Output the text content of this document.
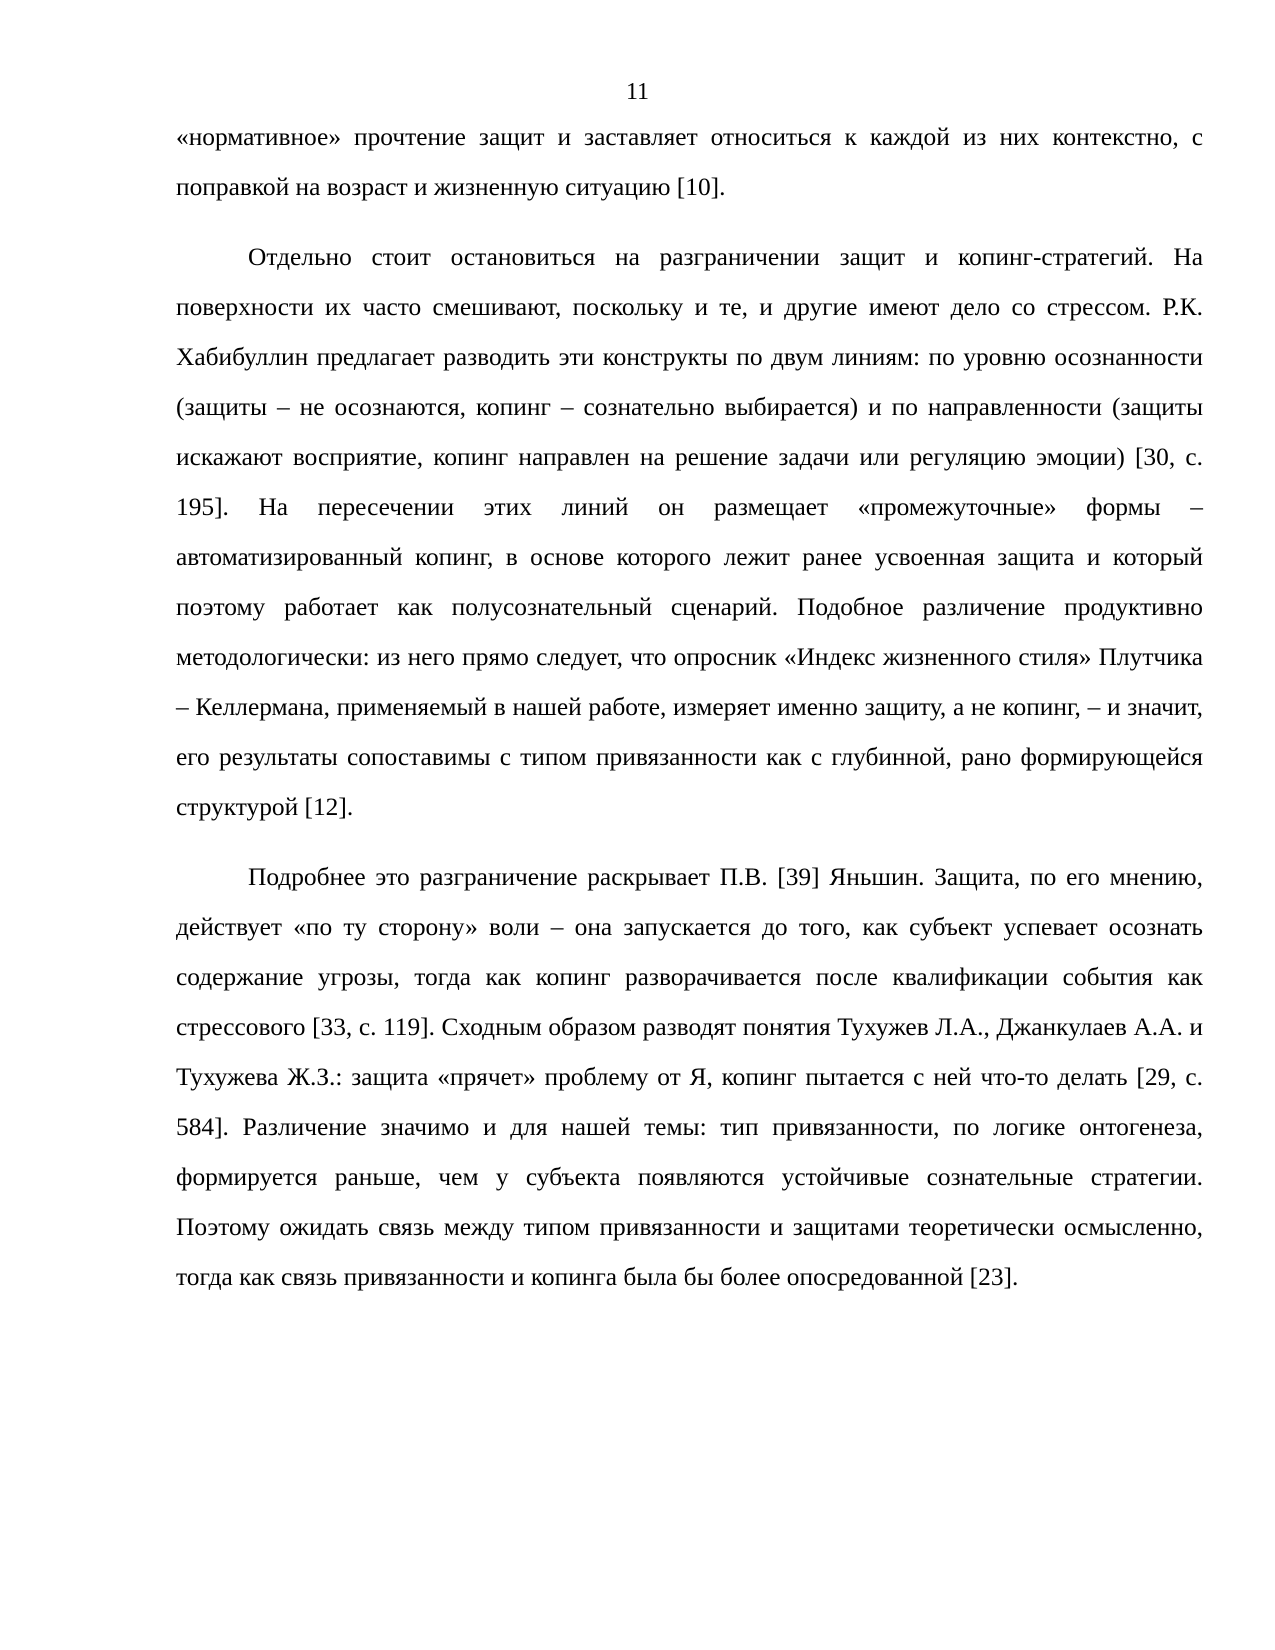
11

«нормативное» прочтение защит и заставляет относиться к каждой из них контекстно, с поправкой на возраст и жизненную ситуацию [10].

Отдельно стоит остановиться на разграничении защит и копинг-стратегий. На поверхности их часто смешивают, поскольку и те, и другие имеют дело со стрессом. Р.К. Хабибуллин предлагает разводить эти конструкты по двум линиям: по уровню осознанности (защиты – не осознаются, копинг – сознательно выбирается) и по направленности (защиты искажают восприятие, копинг направлен на решение задачи или регуляцию эмоции) [30, с. 195]. На пересечении этих линий он размещает «промежуточные» формы – автоматизированный копинг, в основе которого лежит ранее усвоенная защита и который поэтому работает как полусознательный сценарий. Подобное различение продуктивно методологически: из него прямо следует, что опросник «Индекс жизненного стиля» Плутчика – Келлермана, применяемый в нашей работе, измеряет именно защиту, а не копинг, – и значит, его результаты сопоставимы с типом привязанности как с глубинной, рано формирующейся структурой [12].

Подробнее это разграничение раскрывает П.В. [39] Яньшин. Защита, по его мнению, действует «по ту сторону» воли – она запускается до того, как субъект успевает осознать содержание угрозы, тогда как копинг разворачивается после квалификации события как стрессового [33, с. 119]. Сходным образом разводят понятия Тухужев Л.А., Джанкулаев А.А. и Тухужева Ж.З.: защита «прячет» проблему от Я, копинг пытается с ней что-то делать [29, с. 584]. Различение значимо и для нашей темы: тип привязанности, по логике онтогенеза, формируется раньше, чем у субъекта появляются устойчивые сознательные стратегии. Поэтому ожидать связь между типом привязанности и защитами теоретически осмысленно, тогда как связь привязанности и копинга была бы более опосредованной [23].
